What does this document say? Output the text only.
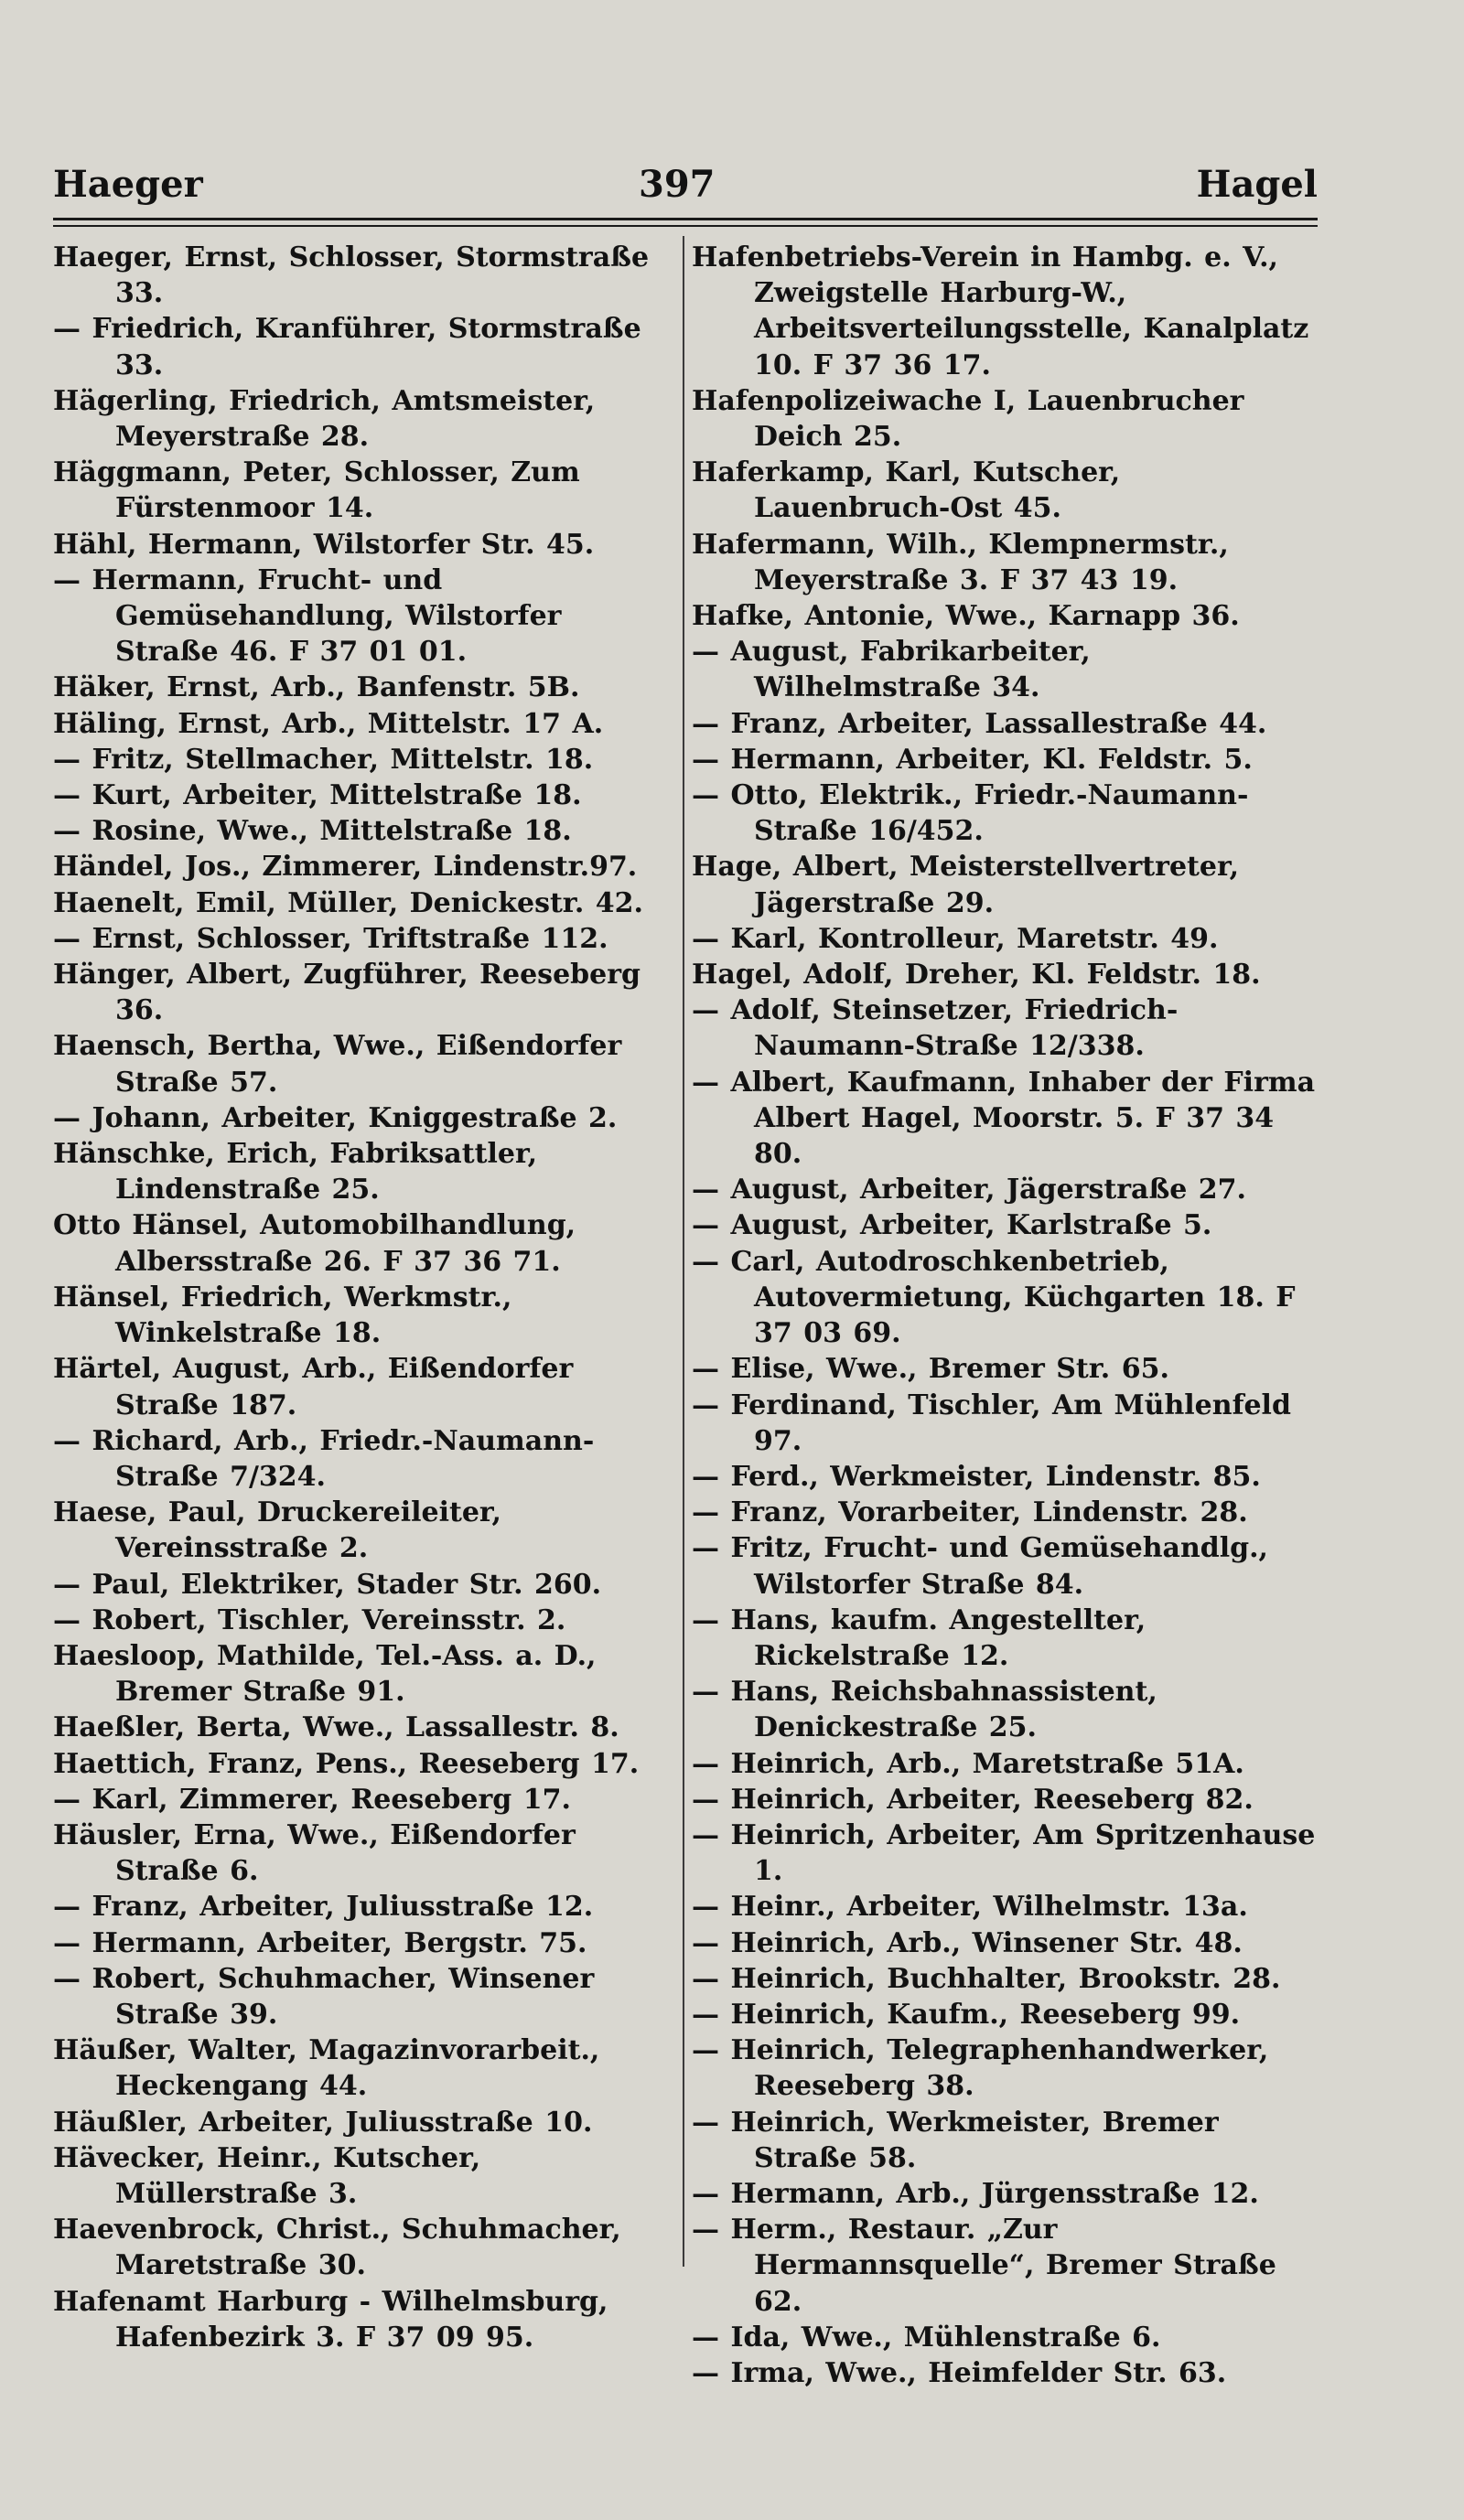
Haeger	397	Hagel
Haeger, Ernst, Schlosser, Stormstraße 33.
— Friedrich, Kranführer, Stormstraße 33.
Hägerling, Friedrich, Amtsmeister, Meyerstraße 28.
Häggmann, Peter, Schlosser, Zum Fürstenmoor 14.
Hähl, Hermann, Wilstorfer Str. 45.
— Hermann, Frucht- und Gemüsehandlung, Wilstorfer Straße 46. F 37 01 01.
Häker, Ernst, Arb., Banfenstr. 5B.
Häling, Ernst, Arb., Mittelstr. 17 A.
— Fritz, Stellmacher, Mittelstr. 18.
— Kurt, Arbeiter, Mittelstraße 18.
— Rosine, Wwe., Mittelstraße 18.
Händel, Jos., Zimmerer, Lindenstr.97.
Haenelt, Emil, Müller, Denickestr. 42.
— Ernst, Schlosser, Triftstraße 112.
Hänger, Albert, Zugführer, Reeseberg 36.
Haensch, Bertha, Wwe., Eißendorfer Straße 57.
— Johann, Arbeiter, Kniggestraße 2.
Hänschke, Erich, Fabriksattler, Lindenstraße 25.
Otto Hänsel, Automobilhandlung, Albersstraße 26. F 37 36 71.
Hänsel, Friedrich, Werkmstr., Winkelstraße 18.
Härtel, August, Arb., Eißendorfer Straße 187.
— Richard, Arb., Friedr.-Naumann-Straße 7/324.
Haese, Paul, Druckereileiter, Vereinsstraße 2.
— Paul, Elektriker, Stader Str. 260.
— Robert, Tischler, Vereinsstr. 2.
Haesloop, Mathilde, Tel.-Ass. a. D., Bremer Straße 91.
Haeßler, Berta, Wwe., Lassallestr. 8.
Haettich, Franz, Pens., Reeseberg 17.
— Karl, Zimmerer, Reeseberg 17.
Häusler, Erna, Wwe., Eißendorfer Straße 6.
— Franz, Arbeiter, Juliusstraße 12.
— Hermann, Arbeiter, Bergstr. 75.
— Robert, Schuhmacher, Winsener Straße 39.
Häußer, Walter, Magazinvorarbeit., Heckengang 44.
Häußler, Arbeiter, Juliusstraße 10.
Hävecker, Heinr., Kutscher, Müllerstraße 3.
Haevenbrock, Christ., Schuhmacher, Maretstraße 30.
Hafenamt Harburg - Wilhelmsburg, Hafenbezirk 3. F 37 09 95.
Hafenbetriebs-Verein in Hambg. e. V., Zweigstelle Harburg-W., Arbeitsverteilungsstelle, Kanalplatz 10. F 37 36 17.
Hafenpolizeiwache I, Lauenbrucher Deich 25.
Haferkamp, Karl, Kutscher, Lauenbruch-Ost 45.
Hafermann, Wilh., Klempnermstr., Meyerstraße 3. F 37 43 19.
Hafke, Antonie, Wwe., Karnapp 36.
— August, Fabrikarbeiter, Wilhelmstraße 34.
— Franz, Arbeiter, Lassallestraße 44.
— Hermann, Arbeiter, Kl. Feldstr. 5.
— Otto, Elektrik., Friedr.-Naumann-Straße 16/452.
Hage, Albert, Meisterstellvertreter, Jägerstraße 29.
— Karl, Kontrolleur, Maretstr. 49.
Hagel, Adolf, Dreher, Kl. Feldstr. 18.
— Adolf, Steinsetzer, Friedrich-Naumann-Straße 12/338.
— Albert, Kaufmann, Inhaber der Firma Albert Hagel, Moorstr. 5. F 37 34 80.
— August, Arbeiter, Jägerstraße 27.
— August, Arbeiter, Karlstraße 5.
— Carl, Autodroschkenbetrieb, Autovermietung, Küchgarten 18. F 37 03 69.
— Elise, Wwe., Bremer Str. 65.
— Ferdinand, Tischler, Am Mühlenfeld 97.
— Ferd., Werkmeister, Lindenstr. 85.
— Franz, Vorarbeiter, Lindenstr. 28.
— Fritz, Frucht- und Gemüsehandlg., Wilstorfer Straße 84.
— Hans, kaufm. Angestellter, Rickelstraße 12.
— Hans, Reichsbahnassistent, Denickestraße 25.
— Heinrich, Arb., Maretstraße 51A.
— Heinrich, Arbeiter, Reeseberg 82.
— Heinrich, Arbeiter, Am Spritzenhause 1.
— Heinr., Arbeiter, Wilhelmstr. 13a.
— Heinrich, Arb., Winsener Str. 48.
— Heinrich, Buchhalter, Brookstr. 28.
— Heinrich, Kaufm., Reeseberg 99.
— Heinrich, Telegraphenhandwerker, Reeseberg 38.
— Heinrich, Werkmeister, Bremer Straße 58.
— Hermann, Arb., Jürgensstraße 12.
— Herm., Restaur. „Zur Hermannsquelle“, Bremer Straße 62.
— Ida, Wwe., Mühlenstraße 6.
— Irma, Wwe., Heimfelder Str. 63.
